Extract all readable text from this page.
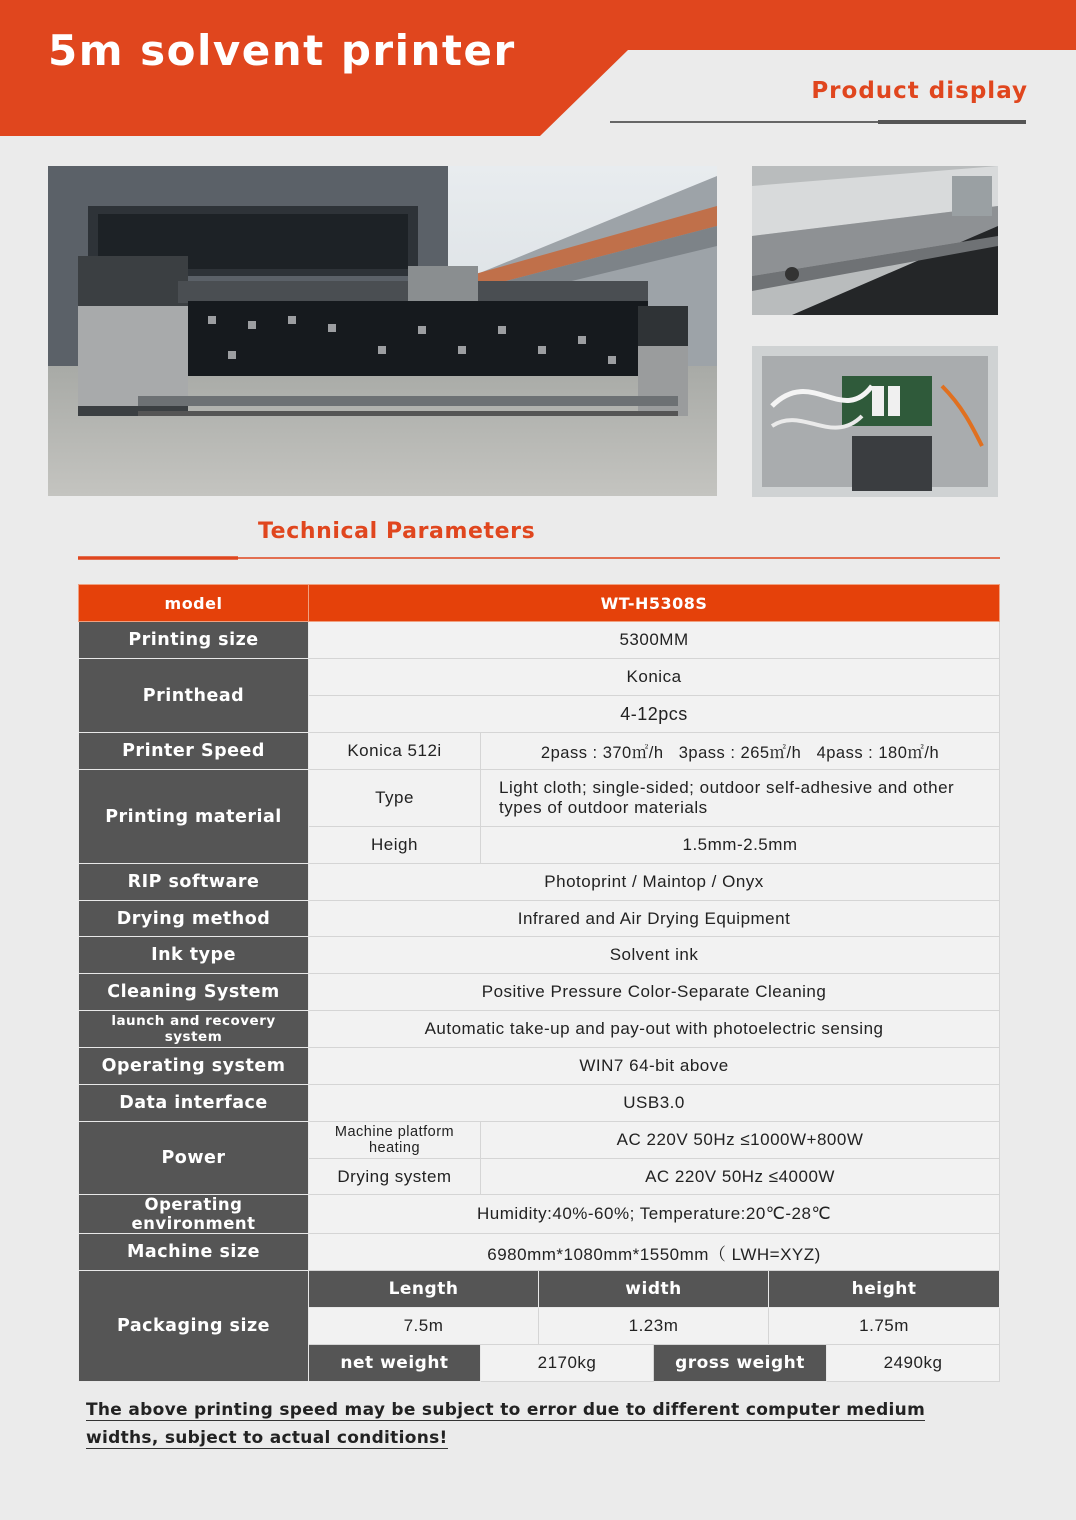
5m solvent printer
Product display
Technical Parameters
model	WT-H5308S					
Printing size	5300MM					
Printhead	Konica					
	4-12pcs					
Printer Speed	Konica 512i	2pass : 370㎡/h   3pass : 265㎡/h   4pass : 180㎡/h				
Printing material	Type	Light cloth; single-sided; outdoor self-adhesive and other types of outdoor materials				
	Heigh	1.5mm-2.5mm				
RIP software	Photoprint / Maintop / Onyx					
Drying method	Infrared and Air Drying Equipment					
Ink type	Solvent ink					
Cleaning System	Positive Pressure Color-Separate Cleaning					
launch and recovery system	Automatic take-up and pay-out with photoelectric sensing					
Operating system	WIN7 64-bit above					
Data interface	USB3.0					
Power	Machine platform heating	AC 220V 50Hz ≤1000W+800W				
	Drying system	AC 220V 50Hz ≤4000W				
Operating environment	Humidity:40%-60%; Temperature:20℃-28℃					
Machine size	6980mm*1080mm*1550mm（ LWH=XYZ)					
Packaging size	Length		width		height	
	7.5m		1.23m		1.75m	
	net weight	2170kg		gross weight		2490kg
The above printing speed may be subject to error due to different computer medium widths, subject to actual conditions!
